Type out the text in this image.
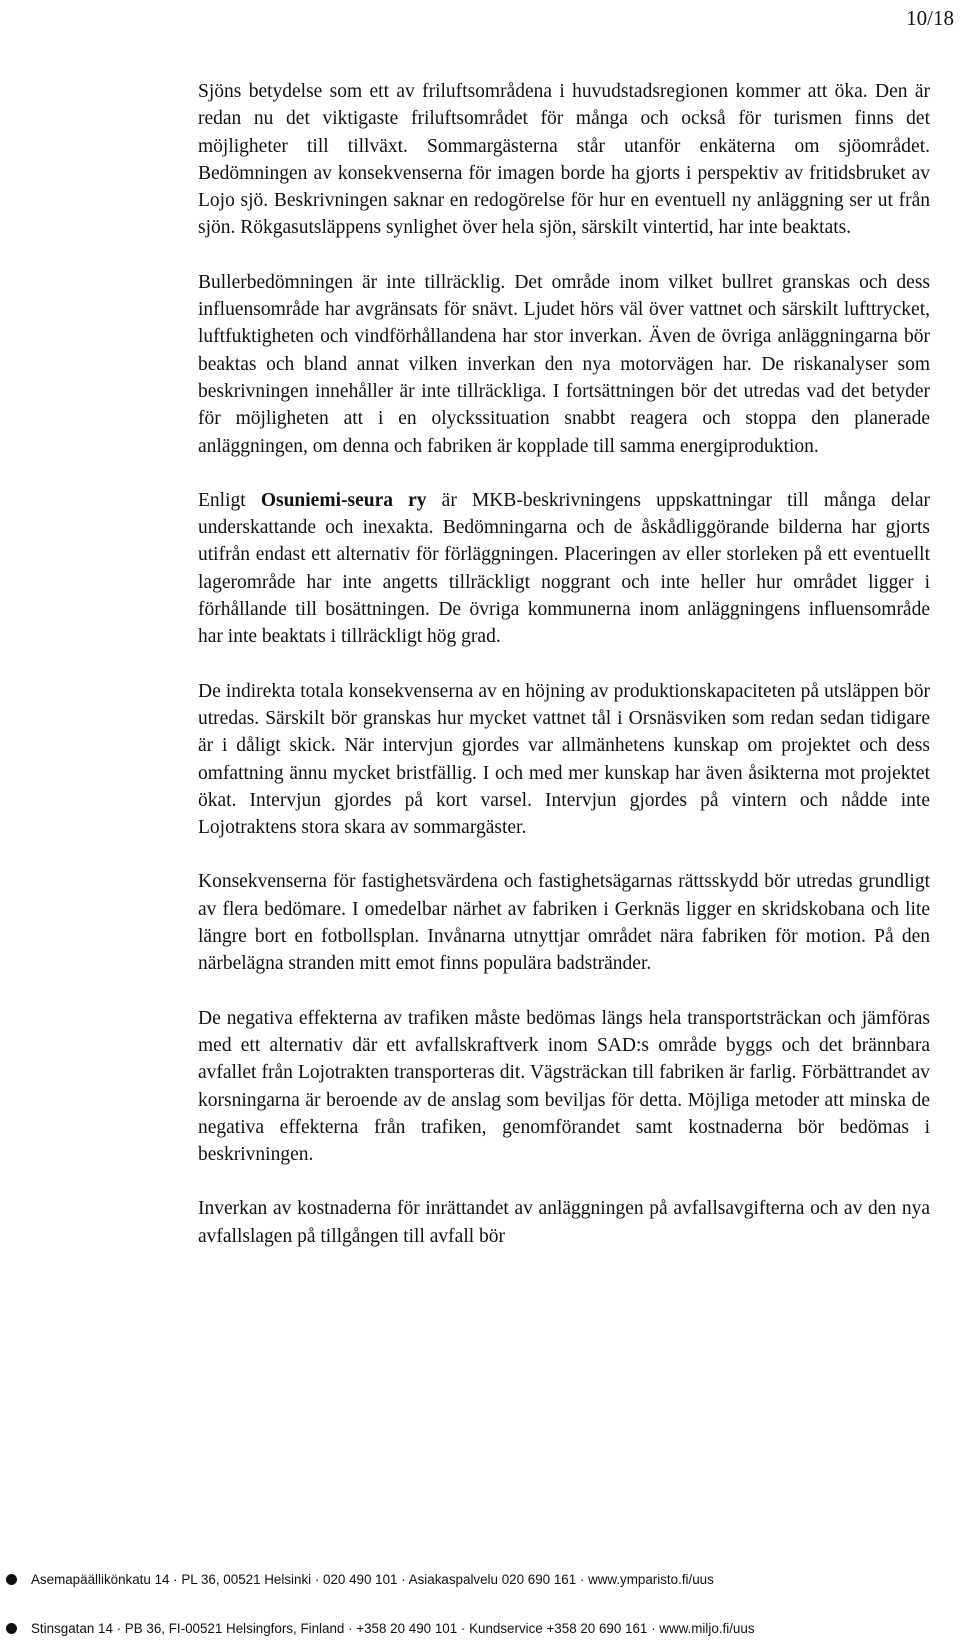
10/18

Sjöns betydelse som ett av friluftsområdena i huvudstadsregionen kommer att öka. Den är redan nu det viktigaste friluftsområdet för många och också för turismen finns det möjligheter till tillväxt. Sommargästerna står utanför enkäterna om sjöområdet. Bedömningen av konsekvenserna för imagen borde ha gjorts i perspektiv av fritidsbruket av Lojo sjö. Beskrivningen saknar en redogörelse för hur en eventuell ny anläggning ser ut från sjön. Rökgasutsläppens synlighet över hela sjön, särskilt vintertid, har inte beaktats.

Bullerbedömningen är inte tillräcklig. Det område inom vilket bullret granskas och dess influensområde har avgränsats för snävt. Ljudet hörs väl över vattnet och särskilt lufttrycket, luftfuktigheten och vindförhållandena har stor inverkan. Även de övriga anläggningarna bör beaktas och bland annat vilken inverkan den nya motorvägen har. De riskanalyser som beskrivningen innehåller är inte tillräckliga. I fortsättningen bör det utredas vad det betyder för möjligheten att i en olyckssituation snabbt reagera och stoppa den planerade anläggningen, om denna och fabriken är kopplade till samma energiproduktion.

Enligt Osuniemi-seura ry är MKB-beskrivningens uppskattningar till många delar underskattande och inexakta. Bedömningarna och de åskådliggörande bilderna har gjorts utifrån endast ett alternativ för förläggningen. Placeringen av eller storleken på ett eventuellt lagerområde har inte angetts tillräckligt noggrant och inte heller hur området ligger i förhållande till bosättningen. De övriga kommunerna inom anläggningens influensområde har inte beaktats i tillräckligt hög grad.

De indirekta totala konsekvenserna av en höjning av produktionskapaciteten på utsläppen bör utredas. Särskilt bör granskas hur mycket vattnet tål i Orsnäsviken som redan sedan tidigare är i dåligt skick. När intervjun gjordes var allmänhetens kunskap om projektet och dess omfattning ännu mycket bristfällig. I och med mer kunskap har även åsikterna mot projektet ökat. Intervjun gjordes på kort varsel. Intervjun gjordes på vintern och nådde inte Lojotraktens stora skara av sommargäster.

Konsekvenserna för fastighetsvärdena och fastighetsägarnas rättsskydd bör utredas grundligt av flera bedömare. I omedelbar närhet av fabriken i Gerknäs ligger en skridskobana och lite längre bort en fotbollsplan. Invånarna utnyttjar området nära fabriken för motion. På den närbelägna stranden mitt emot finns populära badstränder.

De negativa effekterna av trafiken måste bedömas längs hela transportsträckan och jämföras med ett alternativ där ett avfallskraftverk inom SAD:s område byggs och det brännbara avfallet från Lojotrakten transporteras dit. Vägsträckan till fabriken är farlig. Förbättrandet av korsningarna är beroende av de anslag som beviljas för detta. Möjliga metoder att minska de negativa effekterna från trafiken, genomförandet samt kostnaderna bör bedömas i beskrivningen.

Inverkan av kostnaderna för inrättandet av anläggningen på avfallsavgifterna och av den nya avfallslagen på tillgången till avfall bör

Asemapäällikönkatu 14 · PL 36, 00521 Helsinki · 020 490 101 · Asiakaspalvelu 020 690 161 · www.ymparisto.fi/uus
Stinsgatan 14 · PB 36, FI-00521 Helsingfors, Finland · +358 20 490 101 · Kundservice +358 20 690 161 · www.miljo.fi/uus
